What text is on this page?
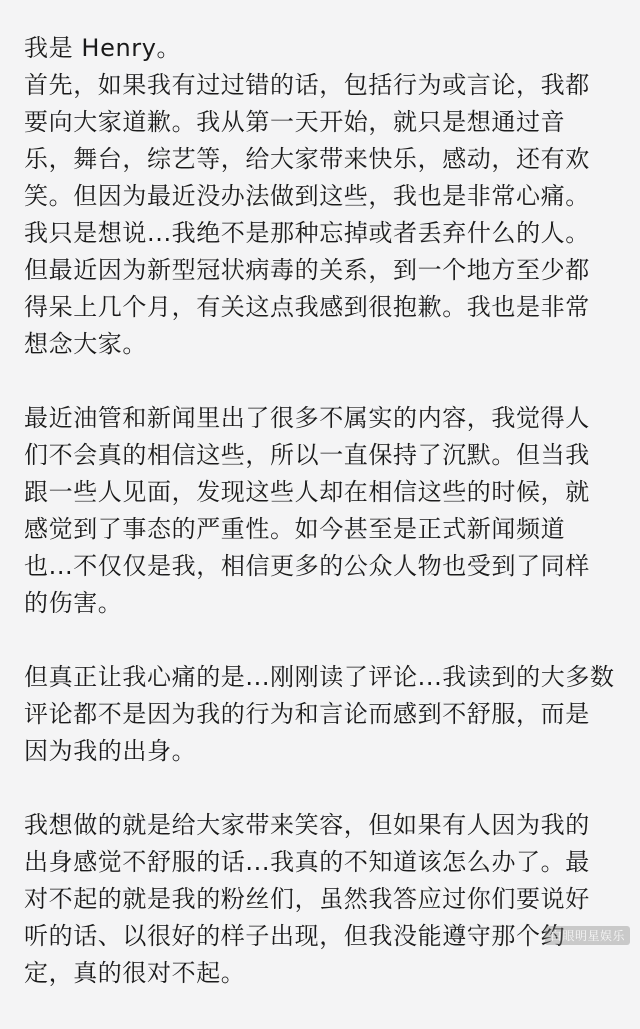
我是 Henry。
首先，如果我有过过错的话，包括行为或言论，我都
要向大家道歉。我从第一天开始，就只是想通过音
乐，舞台，综艺等，给大家带来快乐，感动，还有欢
笑。但因为最近没办法做到这些，我也是非常心痛。
我只是想说...我绝不是那种忘掉或者丢弃什么的人。
但最近因为新型冠状病毒的关系，到一个地方至少都
得呆上几个月，有关这点我感到很抱歉。我也是非常
想念大家。
最近油管和新闻里出了很多不属实的内容，我觉得人
们不会真的相信这些，所以一直保持了沉默。但当我
跟一些人见面，发现这些人却在相信这些的时候，就
感觉到了事态的严重性。如今甚至是正式新闻频道
也...不仅仅是我，相信更多的公众人物也受到了同样
的伤害。
但真正让我心痛的是...刚刚读了评论...我读到的大多数
评论都不是因为我的行为和言论而感到不舒服，而是
因为我的出身。
我想做的就是给大家带来笑容，但如果有人因为我的
出身感觉不舒服的话...我真的不知道该怎么办了。最
对不起的就是我的粉丝们，虽然我答应过你们要说好
听的话、以很好的样子出现，但我没能遵守那个约
定，真的很对不起。
白眼明星娱乐
